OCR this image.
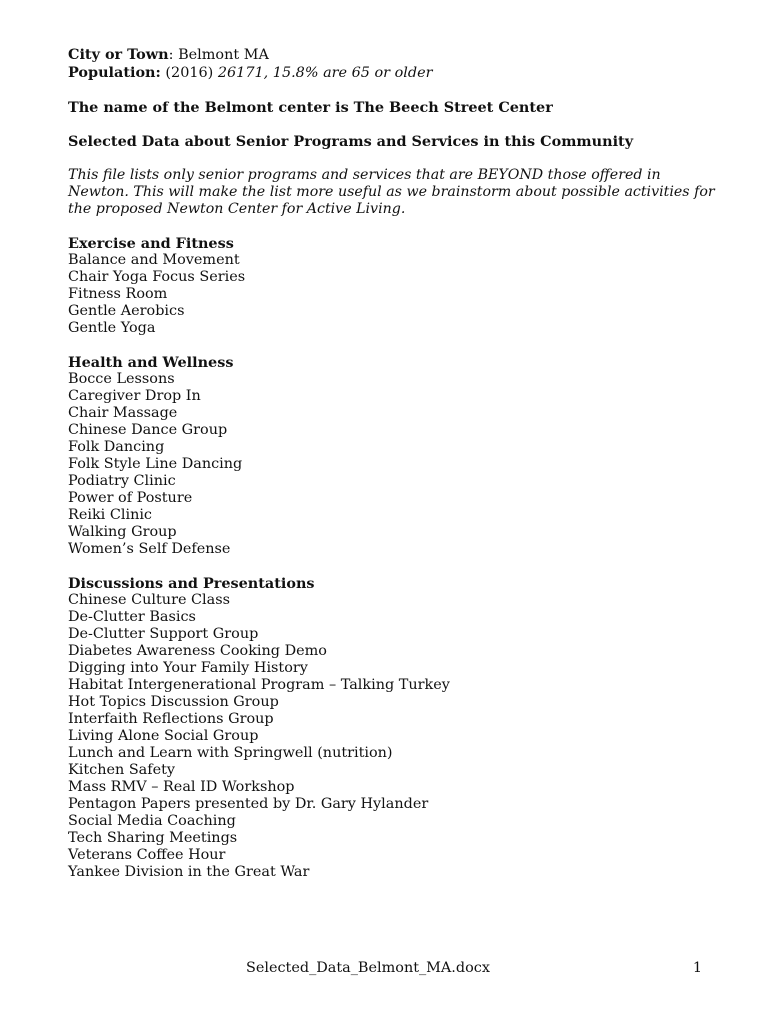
City or Town: Belmont MA

Population: (2016) 26171, 15.8% are 65 or older

The name of the Belmont center is The Beech Street Center

Selected Data about Senior Programs and Services in this Community

This file lists only senior programs and services that are BEYOND those offered in Newton. This will make the list more useful as we brainstorm about possible activities for the proposed Newton Center for Active Living.

Exercise and Fitness

Balance and Movement
Chair Yoga Focus Series
Fitness Room
Gentle Aerobics
Gentle Yoga

Health and Wellness

Bocce Lessons
Caregiver Drop In
Chair Massage
Chinese Dance Group
Folk Dancing
Folk Style Line Dancing
Podiatry Clinic
Power of Posture
Reiki Clinic
Walking Group
Women’s Self Defense

Discussions and Presentations

Chinese Culture Class
De-Clutter Basics
De-Clutter Support Group
Diabetes Awareness Cooking Demo
Digging into Your Family History
Habitat Intergenerational Program – Talking Turkey
Hot Topics Discussion Group
Interfaith Reflections Group
Living Alone Social Group
Lunch and Learn with Springwell (nutrition)
Kitchen Safety
Mass RMV – Real ID Workshop
Pentagon Papers presented by Dr. Gary Hylander
Social Media Coaching
Tech Sharing Meetings
Veterans Coffee Hour
Yankee Division in the Great War
Selected_Data_Belmont_MA.docx	1
